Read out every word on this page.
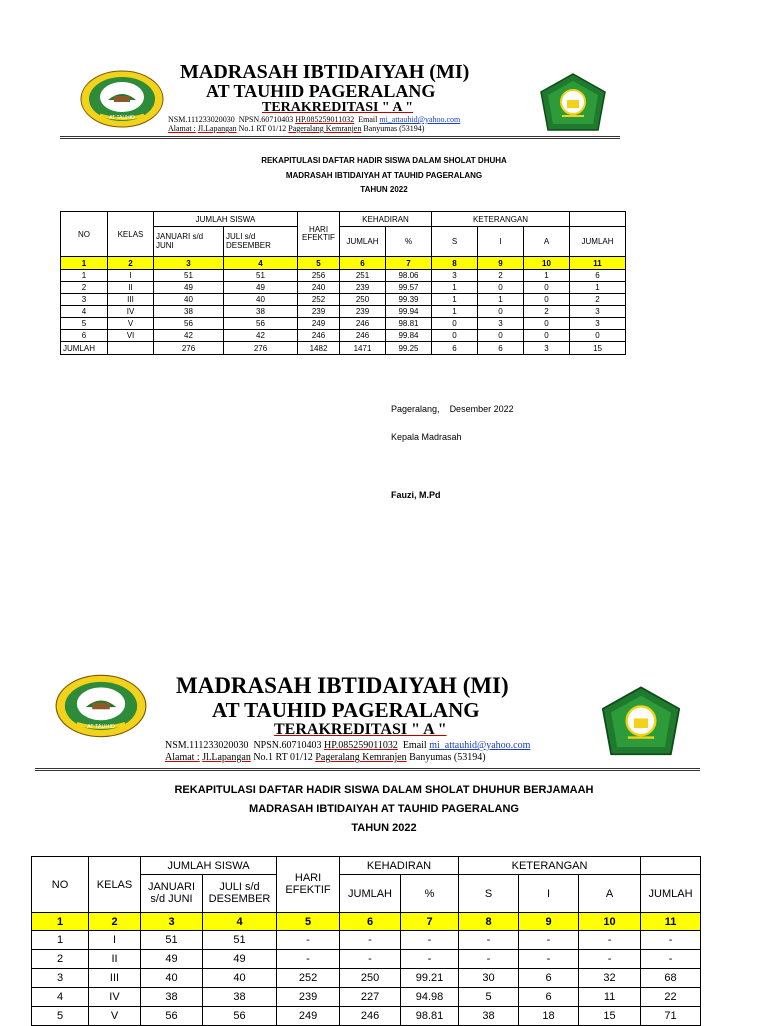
AT TAUHID
MADRASAH IBTIDAIYAH (MI)
AT TAUHID PAGERALANG
TERAKREDITASI " A "
NSM.111233020030 NPSN.60710403 HP.085259011032 Email mi_attauhid@yahoo.com
Alamat : Jl.Lapangan No.1 RT 01/12 Pageralang Kemranjen Banyumas (53194)
REKAPITULASI DAFTAR HADIR SISWA DALAM SHOLAT DHUHA
MADRASAH IBTIDAIYAH AT TAUHID PAGERALANG
TAHUN 2022
NO	KELAS	JUMLAH SISWA		HARI EFEKTIF	KEHADIRAN		KETERANGAN			
		JANUARI s/d JUNI	JULI s/d DESEMBER		JUMLAH	%	S	I	A	JUMLAH
1	2	3	4	5	6	7	8	9	10	11
1	I	51	51	256	251	98.06	3	2	1	6
2	II	49	49	240	239	99.57	1	0	0	1
3	III	40	40	252	250	99.39	1	1	0	2
4	IV	38	38	239	239	99.94	1	0	2	3
5	V	56	56	249	246	98.81	0	3	0	3
6	VI	42	42	246	246	99.84	0	0	0	0
JUMLAH		276	276	1482	1471	99.25	6	6	3	15
Pageralang, Desember 2022
Kepala Madrasah
Fauzi, M.Pd
AT TAUHID
MADRASAH IBTIDAIYAH (MI)
AT TAUHID PAGERALANG
TERAKREDITASI " A "
NSM.111233020030 NPSN.60710403 HP.085259011032 Email mi_attauhid@yahoo.com
Alamat : Jl.Lapangan No.1 RT 01/12 Pageralang Kemranjen Banyumas (53194)
REKAPITULASI DAFTAR HADIR SISWA DALAM SHOLAT DHUHUR BERJAMAAH
MADRASAH IBTIDAIYAH AT TAUHID PAGERALANG
TAHUN 2022
NO	KELAS	JUMLAH SISWA		HARI EFEKTIF	KEHADIRAN		KETERANGAN			
		JANUARI s/d JUNI	JULI s/d DESEMBER		JUMLAH	%	S	I	A	JUMLAH
1	2	3	4	5	6	7	8	9	10	11
1	I	51	51	-	-	-	-	-	-	-
2	II	49	49	-	-	-	-	-	-	-
3	III	40	40	252	250	99.21	30	6	32	68
4	IV	38	38	239	227	94.98	5	6	11	22
5	V	56	56	249	246	98.81	38	18	15	71
